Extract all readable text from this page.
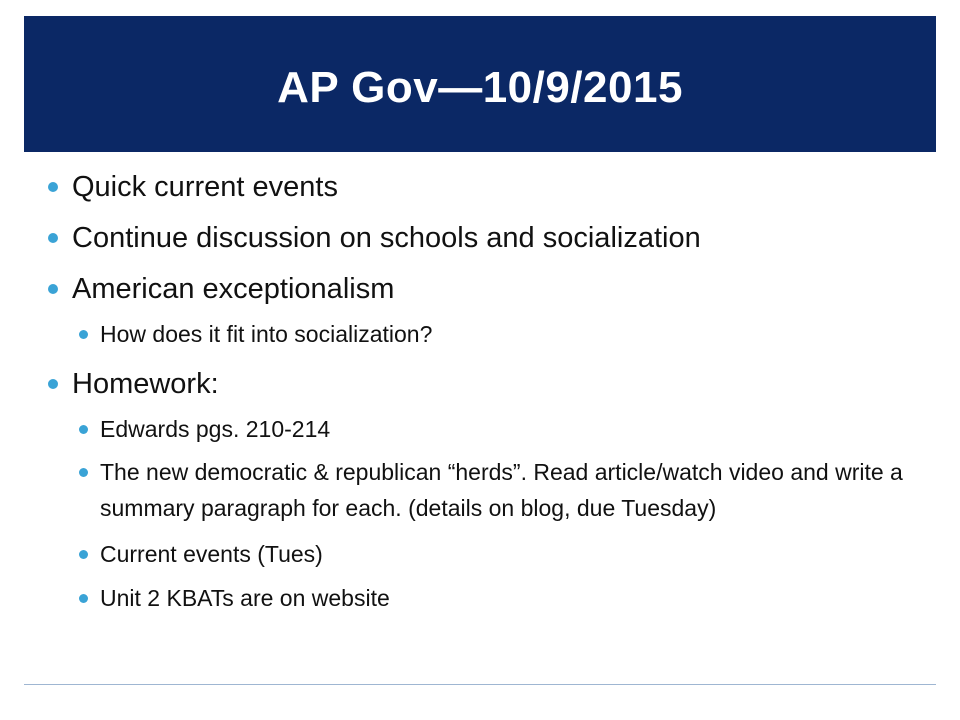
AP Gov—10/9/2015
Quick current events
Continue discussion on schools and socialization
American exceptionalism
How does it fit into socialization?
Homework:
Edwards pgs. 210-214
The new democratic & republican “herds”. Read article/watch video and write a summary paragraph for each. (details on blog, due Tuesday)
Current events (Tues)
Unit 2 KBATs are on website
